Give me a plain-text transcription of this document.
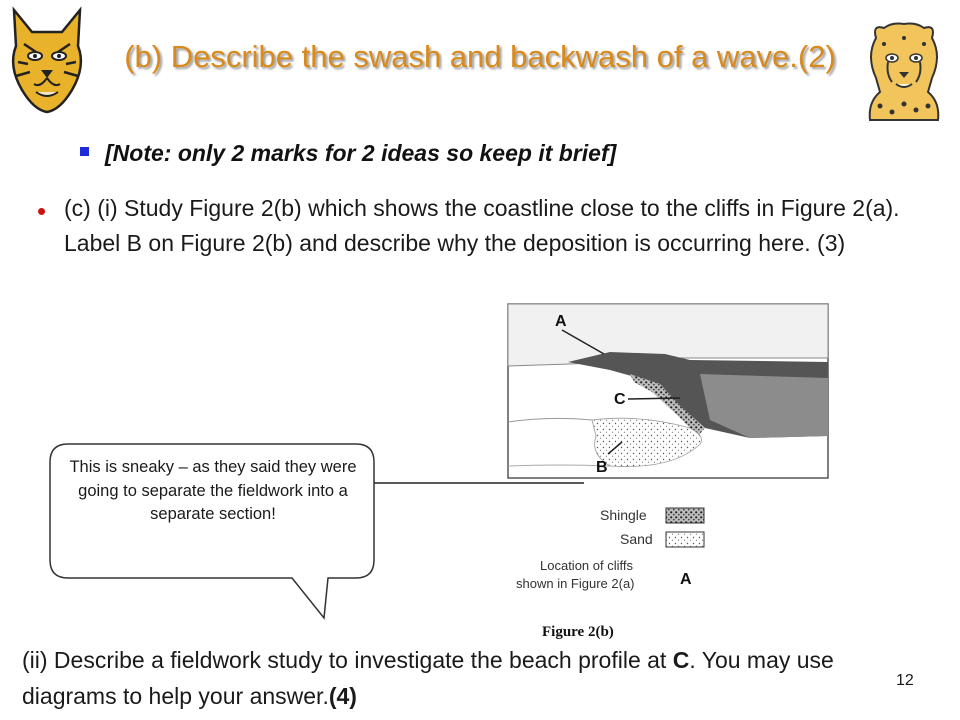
(b) Describe the swash and backwash of a wave.(2)
[Note: only 2 marks for 2 ideas so keep it brief]
• (c) (i) Study Figure 2(b) which shows the coastline close to the cliffs in Figure 2(a). Label B on Figure 2(b) and describe why the deposition is occurring here. (3)
A
C
B
Shingle
Sand
Location of cliffs
shown in Figure 2(a)	A
Figure 2(b)
This is sneaky – as they said they were going to separate the fieldwork into a separate section!
(ii) Describe a fieldwork study to investigate the beach profile at C. You may use diagrams to help your answer.(4)
12
